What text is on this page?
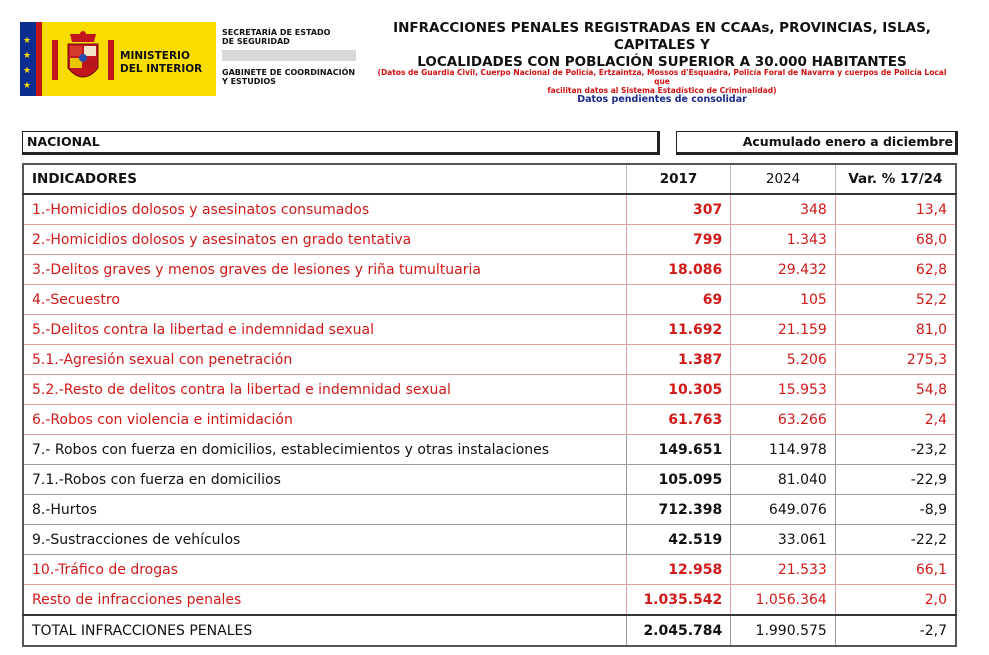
★
★
★
★
MINISTERIO
DEL INTERIOR
SECRETARÍA DE ESTADO
DE SEGURIDAD
GABINETE DE COORDINACIÓN
Y ESTUDIOS
INFRACCIONES PENALES REGISTRADAS EN CCAAs, PROVINCIAS, ISLAS, CAPITALES Y
LOCALIDADES CON POBLACIÓN SUPERIOR A 30.000 HABITANTES
(Datos de Guardia Civil, Cuerpo Nacional de Policía, Ertzaintza, Mossos d'Esquadra, Policía Foral de Navarra y cuerpos de Policía Local que
facilitan datos al Sistema Estadístico de Criminalidad)
Datos pendientes de consolidar
NACIONAL	Acumulado enero a diciembre
INDICADORES	2017	2024	Var. % 17/24
1.-Homicidios dolosos y asesinatos consumados	307	348	13,4
2.-Homicidios dolosos y asesinatos en grado tentativa	799	1.343	68,0
3.-Delitos graves y menos graves de lesiones y riña tumultuaria	18.086	29.432	62,8
4.-Secuestro	69	105	52,2
5.-Delitos contra la libertad e indemnidad sexual	11.692	21.159	81,0
5.1.-Agresión sexual con penetración	1.387	5.206	275,3
5.2.-Resto de delitos contra la libertad e indemnidad sexual	10.305	15.953	54,8
6.-Robos con violencia e intimidación	61.763	63.266	2,4
7.- Robos con fuerza en domicilios, establecimientos y otras instalaciones	149.651	114.978	-23,2
7.1.-Robos con fuerza en domicilios	105.095	81.040	-22,9
8.-Hurtos	712.398	649.076	-8,9
9.-Sustracciones de vehículos	42.519	33.061	-22,2
10.-Tráfico de drogas	12.958	21.533	66,1
Resto de infracciones penales	1.035.542	1.056.364	2,0
TOTAL INFRACCIONES PENALES	2.045.784	1.990.575	-2,7
